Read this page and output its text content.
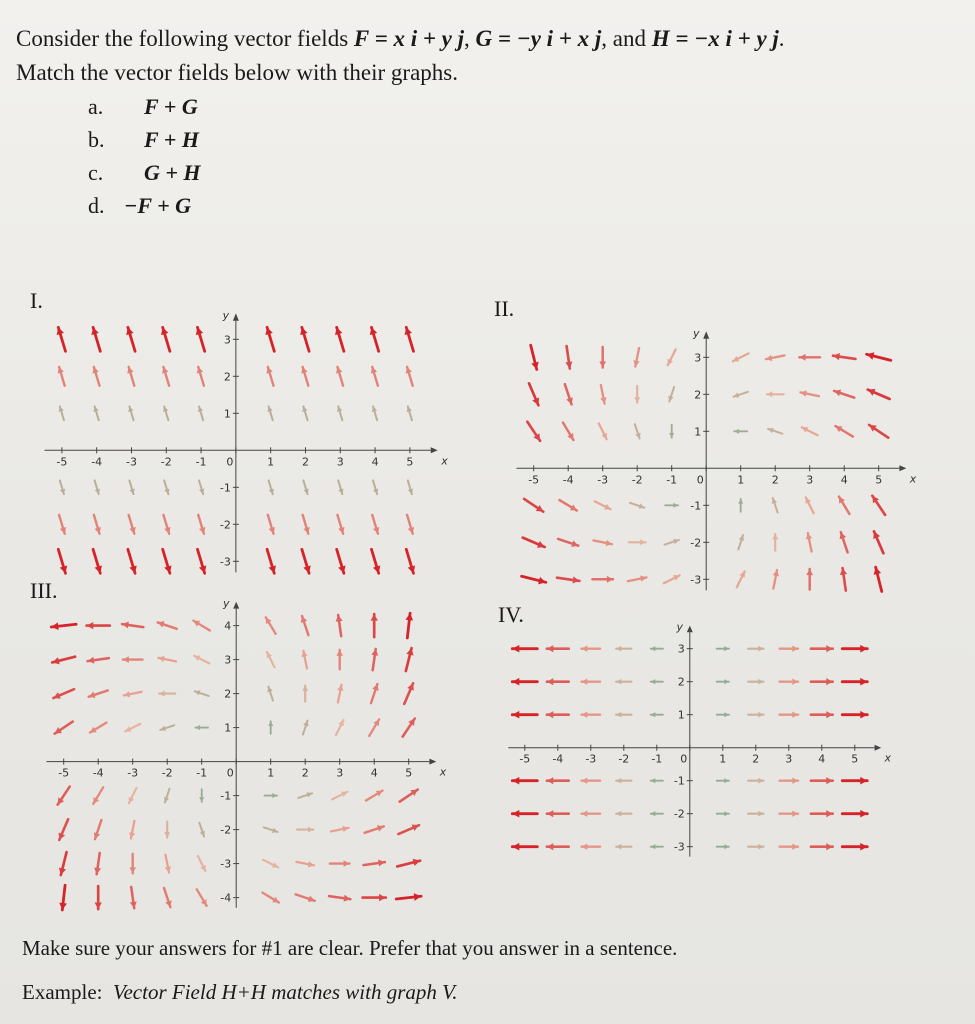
Consider the following vector fields F = x i + y j, G = −y i + x j, and H = −x i + y j.
Match the vector fields below with their graphs.
a. F + G
b. F + H
c. G + H
d. −F + G
I.	II.
III.
IV.
-5 -4 -3 -2 -1 0	1	2	3	4	5
3
2
1
-1
-2
-3
x
y
-5 -4 -3 -2 -1 0	1 2 3 4 5
3
2
1
-1
-2
-3
x
y
-5 -4 -3 -2 -1 0	1 2 3 4 5
4
3
2
1
-1
-2
-3
-4
x
y
-5 -4 -3 -2 -1 0	1 2 3 4 5
3
2
1
-1
-2
-3
x
y
Make sure your answers for #1 are clear. Prefer that you answer in a sentence.
Example: Vector Field H+H matches with graph V.
